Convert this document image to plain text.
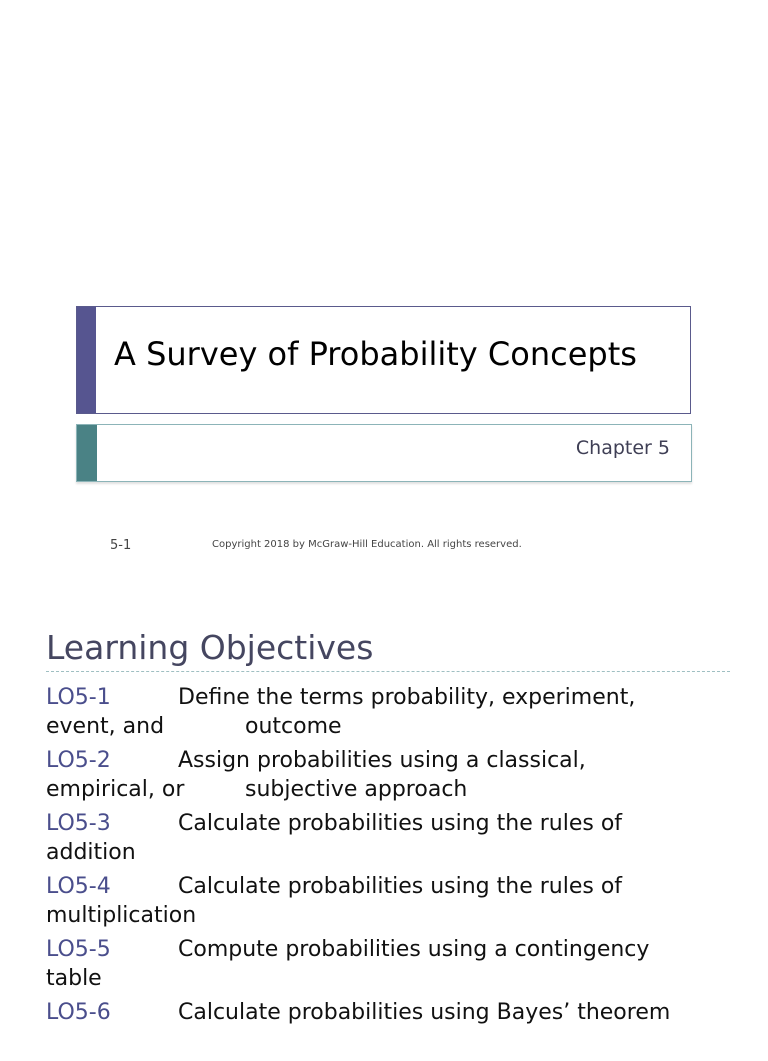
A Survey of Probability Concepts
Chapter 5
5-1	Copyright 2018 by McGraw-Hill Education. All rights reserved.
Learning Objectives
LO5-1	Define the terms probability, experiment,
event, and	outcome
LO5-2	Assign probabilities using a classical,
empirical, or	subjective approach
LO5-3	Calculate probabilities using the rules of
addition
LO5-4	Calculate probabilities using the rules of
multiplication
LO5-5	Compute probabilities using a contingency
table
LO5-6	Calculate probabilities using Bayes’ theorem
